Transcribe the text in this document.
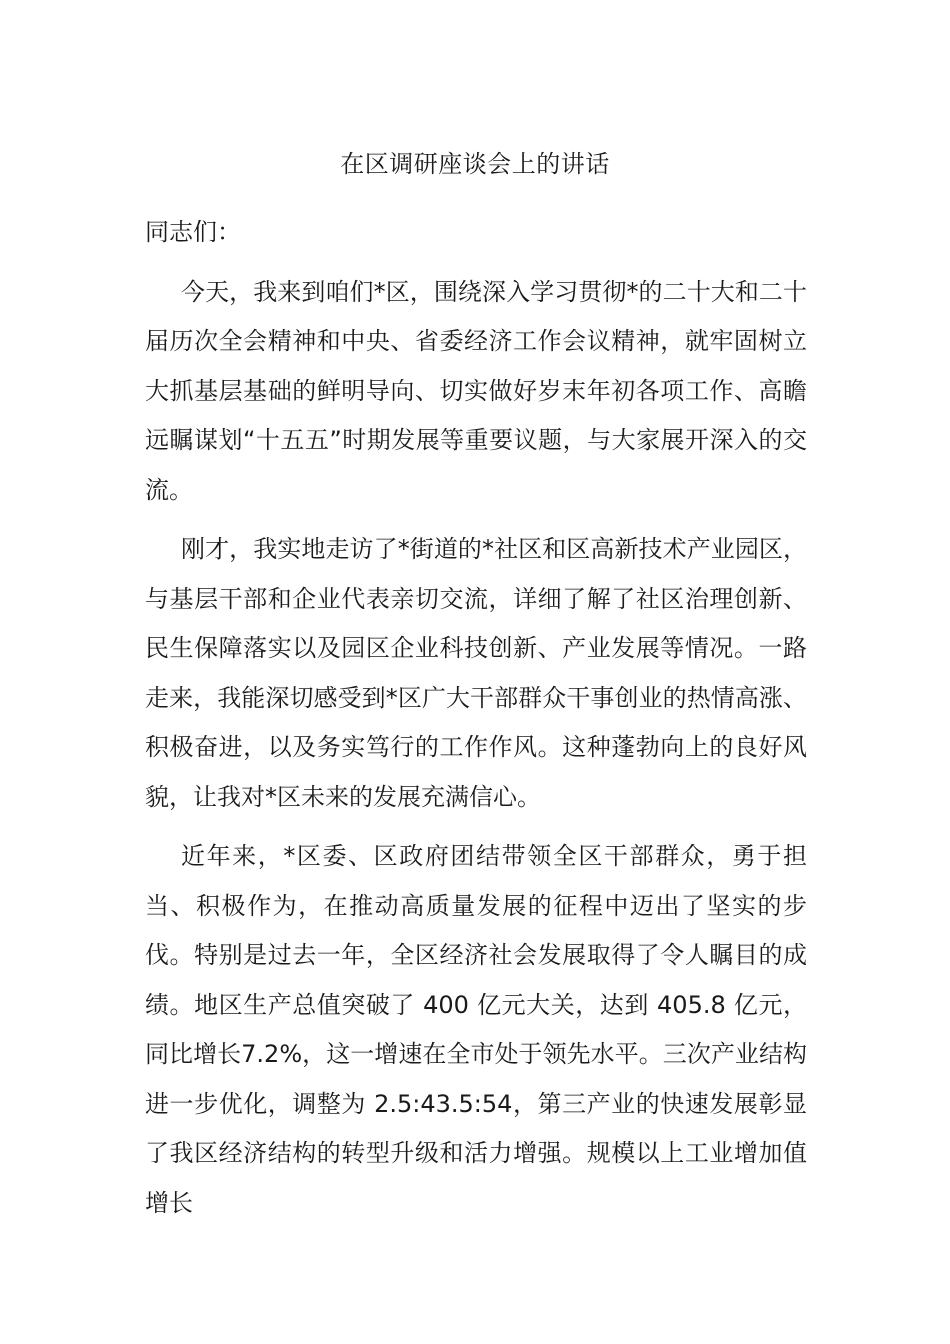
在区调研座谈会上的讲话

同志们：

今天，我来到咱们*区，围绕深入学习贯彻*的二十大和二十届历次全会精神和中央、省委经济工作会议精神，就牢固树立大抓基层基础的鲜明导向、切实做好岁末年初各项工作、高瞻远瞩谋划“十五五”时期发展等重要议题，与大家展开深入的交流。

刚才，我实地走访了*街道的*社区和区高新技术产业园区，与基层干部和企业代表亲切交流，详细了解了社区治理创新、民生保障落实以及园区企业科技创新、产业发展等情况。一路走来，我能深切感受到*区广大干部群众干事创业的热情高涨、积极奋进，以及务实笃行的工作作风。这种蓬勃向上的良好风貌，让我对*区未来的发展充满信心。

近年来，*区委、区政府团结带领全区干部群众，勇于担当、积极作为，在推动高质量发展的征程中迈出了坚实的步伐。特别是过去一年，全区经济社会发展取得了令人瞩目的成绩。地区生产总值突破了 400 亿元大关，达到 405.8 亿元，同比增长7.2%，这一增速在全市处于领先水平。三次产业结构进一步优化，调整为 2.5:43.5:54，第三产业的快速发展彰显了我区经济结构的转型升级和活力增强。规模以上工业增加值增长
